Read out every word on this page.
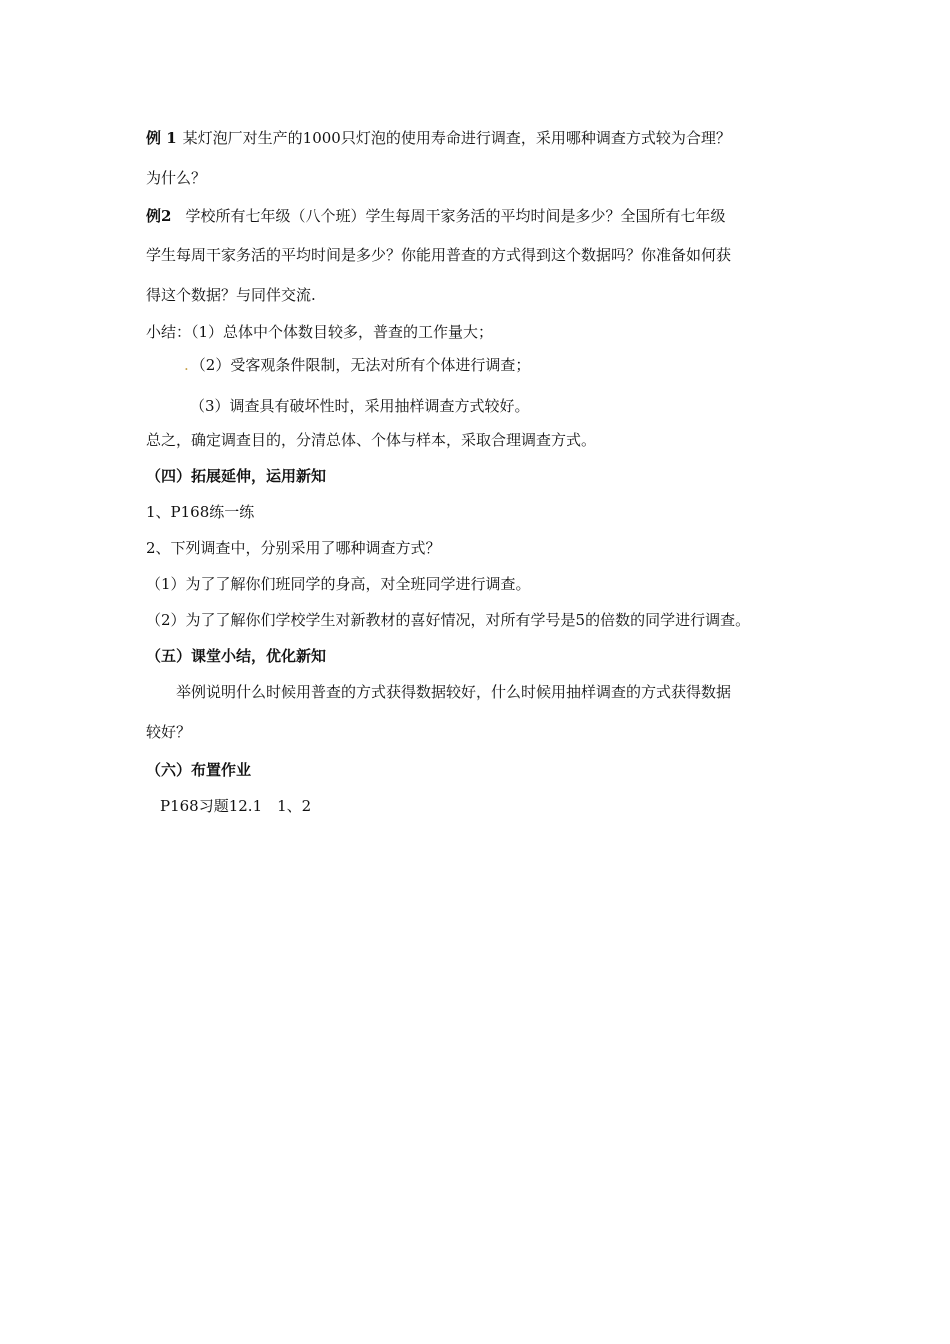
例 1 某灯泡厂对生产的1000只灯泡的使用寿命进行调查，采用哪种调查方式较为合理？
为什么？
例2 学校所有七年级（八个班）学生每周干家务活的平均时间是多少？全国所有七年级
学生每周干家务活的平均时间是多少？你能用普查的方式得到这个数据吗？你准备如何获
得这个数据？与同伴交流.
小结：（1）总体中个体数目较多，普查的工作量大；
. （2）受客观条件限制，无法对所有个体进行调查；
（3）调查具有破坏性时，采用抽样调查方式较好。
总之，确定调查目的，分清总体、个体与样本，采取合理调查方式。
（四）拓展延伸，运用新知
1、P168练一练
2、下列调查中，分别采用了哪种调查方式？
（1）为了了解你们班同学的身高，对全班同学进行调查。
（2）为了了解你们学校学生对新教材的喜好情况，对所有学号是5的倍数的同学进行调查。
（五）课堂小结，优化新知
举例说明什么时候用普查的方式获得数据较好，什么时候用抽样调查的方式获得数据
较好？
（六）布置作业
P168习题12.1　1、2
